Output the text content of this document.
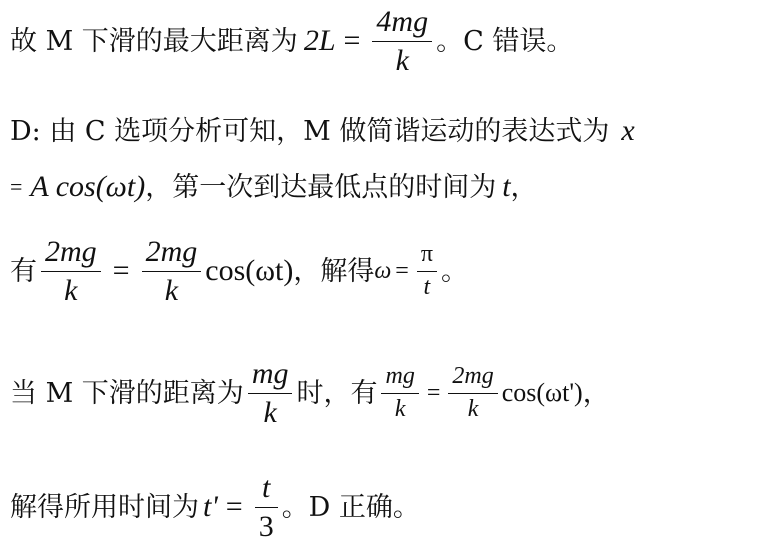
故 M 下滑的最大距离为 $2L = \frac{4mg}{k}$ 。C 错误。
D: 由 C 选项分析可知，M 做简谐运动的表达式为 x
= A cos(ωt) ，第一次到达最低点的时间为 t ，
有 $\frac{2mg}{k} = \frac{2mg}{k} \cos(\omega t)$ ，解得 $\omega = \frac{\pi}{t}$ 。
当 M 下滑的距离为 $\frac{mg}{k}$ 时，有 $\frac{mg}{k} = \frac{2mg}{k} \cos(\omega t')$ ，
解得所用时间为 $t' = \frac{t}{3}$ 。D 正确。
